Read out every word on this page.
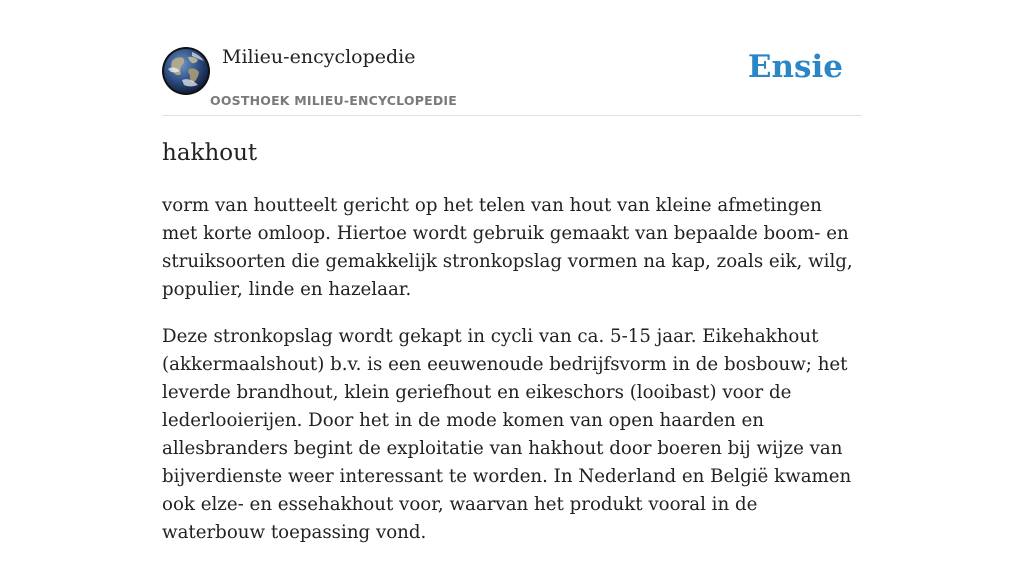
Milieu-encyclopedie
OOSTHOEK MILIEU-ENCYCLOPEDIE
Ensie
hakhout

vorm van houtteelt gericht op het telen van hout van kleine afmetingen met korte omloop. Hiertoe wordt gebruik gemaakt van bepaalde boom- en struiksoorten die gemakkelijk stronkopslag vormen na kap, zoals eik, wilg, populier, linde en hazelaar.

Deze stronkopslag wordt gekapt in cycli van ca. 5-15 jaar. Eikehakhout (akkermaalshout) b.v. is een eeuwenoude bedrijfsvorm in de bosbouw; het leverde brandhout, klein geriefhout en eikeschors (looibast) voor de lederlooierijen. Door het in de mode komen van open haarden en allesbranders begint de exploitatie van hakhout door boeren bij wijze van bijverdienste weer interessant te worden. In Nederland en België kwamen ook elze- en essehakhout voor, waarvan het produkt vooral in de waterbouw toepassing vond.
